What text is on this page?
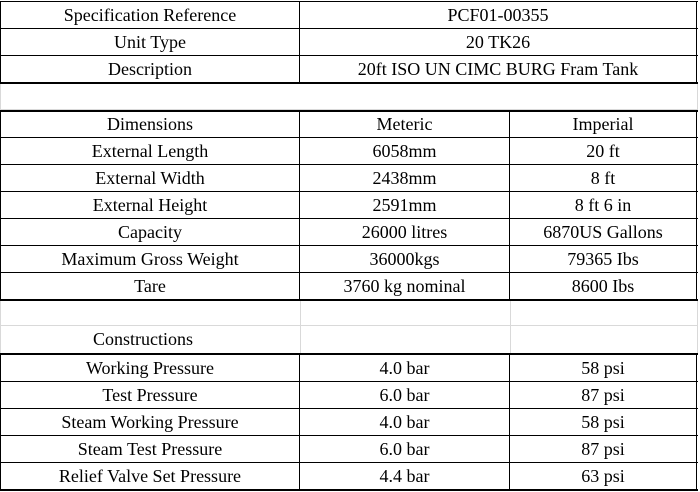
Specification Reference	PCF01-00355
Unit Type	20 TK26
Description	20ft ISO UN CIMC BURG Fram Tank
Dimensions	Meteric	Imperial
External Length	6058mm	20 ft
External Width	2438mm	8 ft
External Height	2591mm	8 ft 6 in
Capacity	26000 litres	6870US Gallons
Maximum Gross Weight	36000kgs	79365 Ibs
Tare	3760 kg nominal	8600 Ibs
Constructions
Working Pressure	4.0 bar	58 psi
Test Pressure	6.0 bar	87 psi
Steam Working Pressure	4.0 bar	58 psi
Steam Test Pressure	6.0 bar	87 psi
Relief Valve Set Pressure	4.4 bar	63 psi
